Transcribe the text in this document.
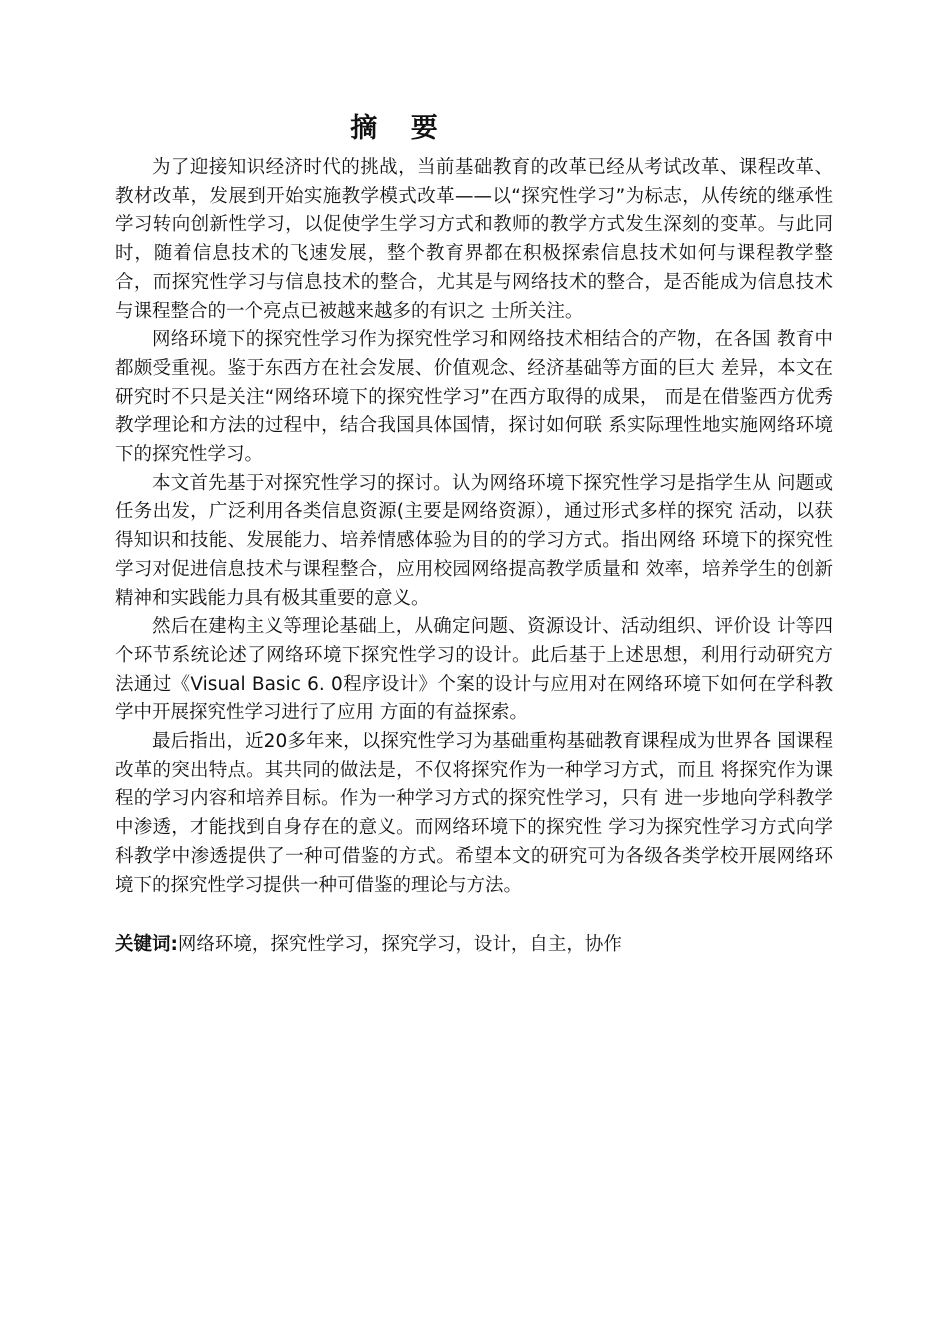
摘 要

为了迎接知识经济时代的挑战，当前基础教育的改革已经从考试改革、课程改革、教材改革，发展到开始实施教学模式改革——以“探究性学习”为标志，从传统的继承性学习转向创新性学习，以促使学生学习方式和教师的教学方式发生深刻的变革。与此同时，随着信息技术的飞速发展，整个教育界都在积极探索信息技术如何与课程教学整合，而探究性学习与信息技术的整合，尤其是与网络技术的整合，是否能成为信息技术与课程整合的一个亮点已被越来越多的有识之 士所关注。

网络环境下的探究性学习作为探究性学习和网络技术相结合的产物，在各国 教育中都颇受重视。鉴于东西方在社会发展、价值观念、经济基础等方面的巨大 差异，本文在研究时不只是关注“网络环境下的探究性学习”在西方取得的成果， 而是在借鉴西方优秀教学理论和方法的过程中，结合我国具体国情，探讨如何联 系实际理性地实施网络环境下的探究性学习。

本文首先基于对探究性学习的探讨。认为网络环境下探究性学习是指学生从 问题或任务出发，广泛利用各类信息资源(主要是网络资源），通过形式多样的探究 活动，以获得知识和技能、发展能力、培养情感体验为目的的学习方式。指出网络 环境下的探究性学习对促进信息技术与课程整合，应用校园网络提高教学质量和 效率，培养学生的创新精神和实践能力具有极其重要的意义。

然后在建构主义等理论基础上，从确定问题、资源设计、活动组织、评价设 计等四个环节系统论述了网络环境下探究性学习的设计。此后基于上述思想，利用行动研究方法通过《Visual Basic 6. 0程序设计》个案的设计与应用对在网络环境下如何在学科教学中开展探究性学习进行了应用 方面的有益探索。

最后指出，近20多年来，以探究性学习为基础重构基础教育课程成为世界各 国课程改革的突出特点。其共同的做法是，不仅将探究作为一种学习方式，而且 将探究作为课程的学习内容和培养目标。作为一种学习方式的探究性学习，只有 进一步地向学科教学中渗透，才能找到自身存在的意义。而网络环境下的探究性 学习为探究性学习方式向学科教学中渗透提供了一种可借鉴的方式。希望本文的研究可为各级各类学校开展网络环境下的探究性学习提供一种可借鉴的理论与方法。

关键词:网络环境，探究性学习，探究学习，设计，自主，协作
